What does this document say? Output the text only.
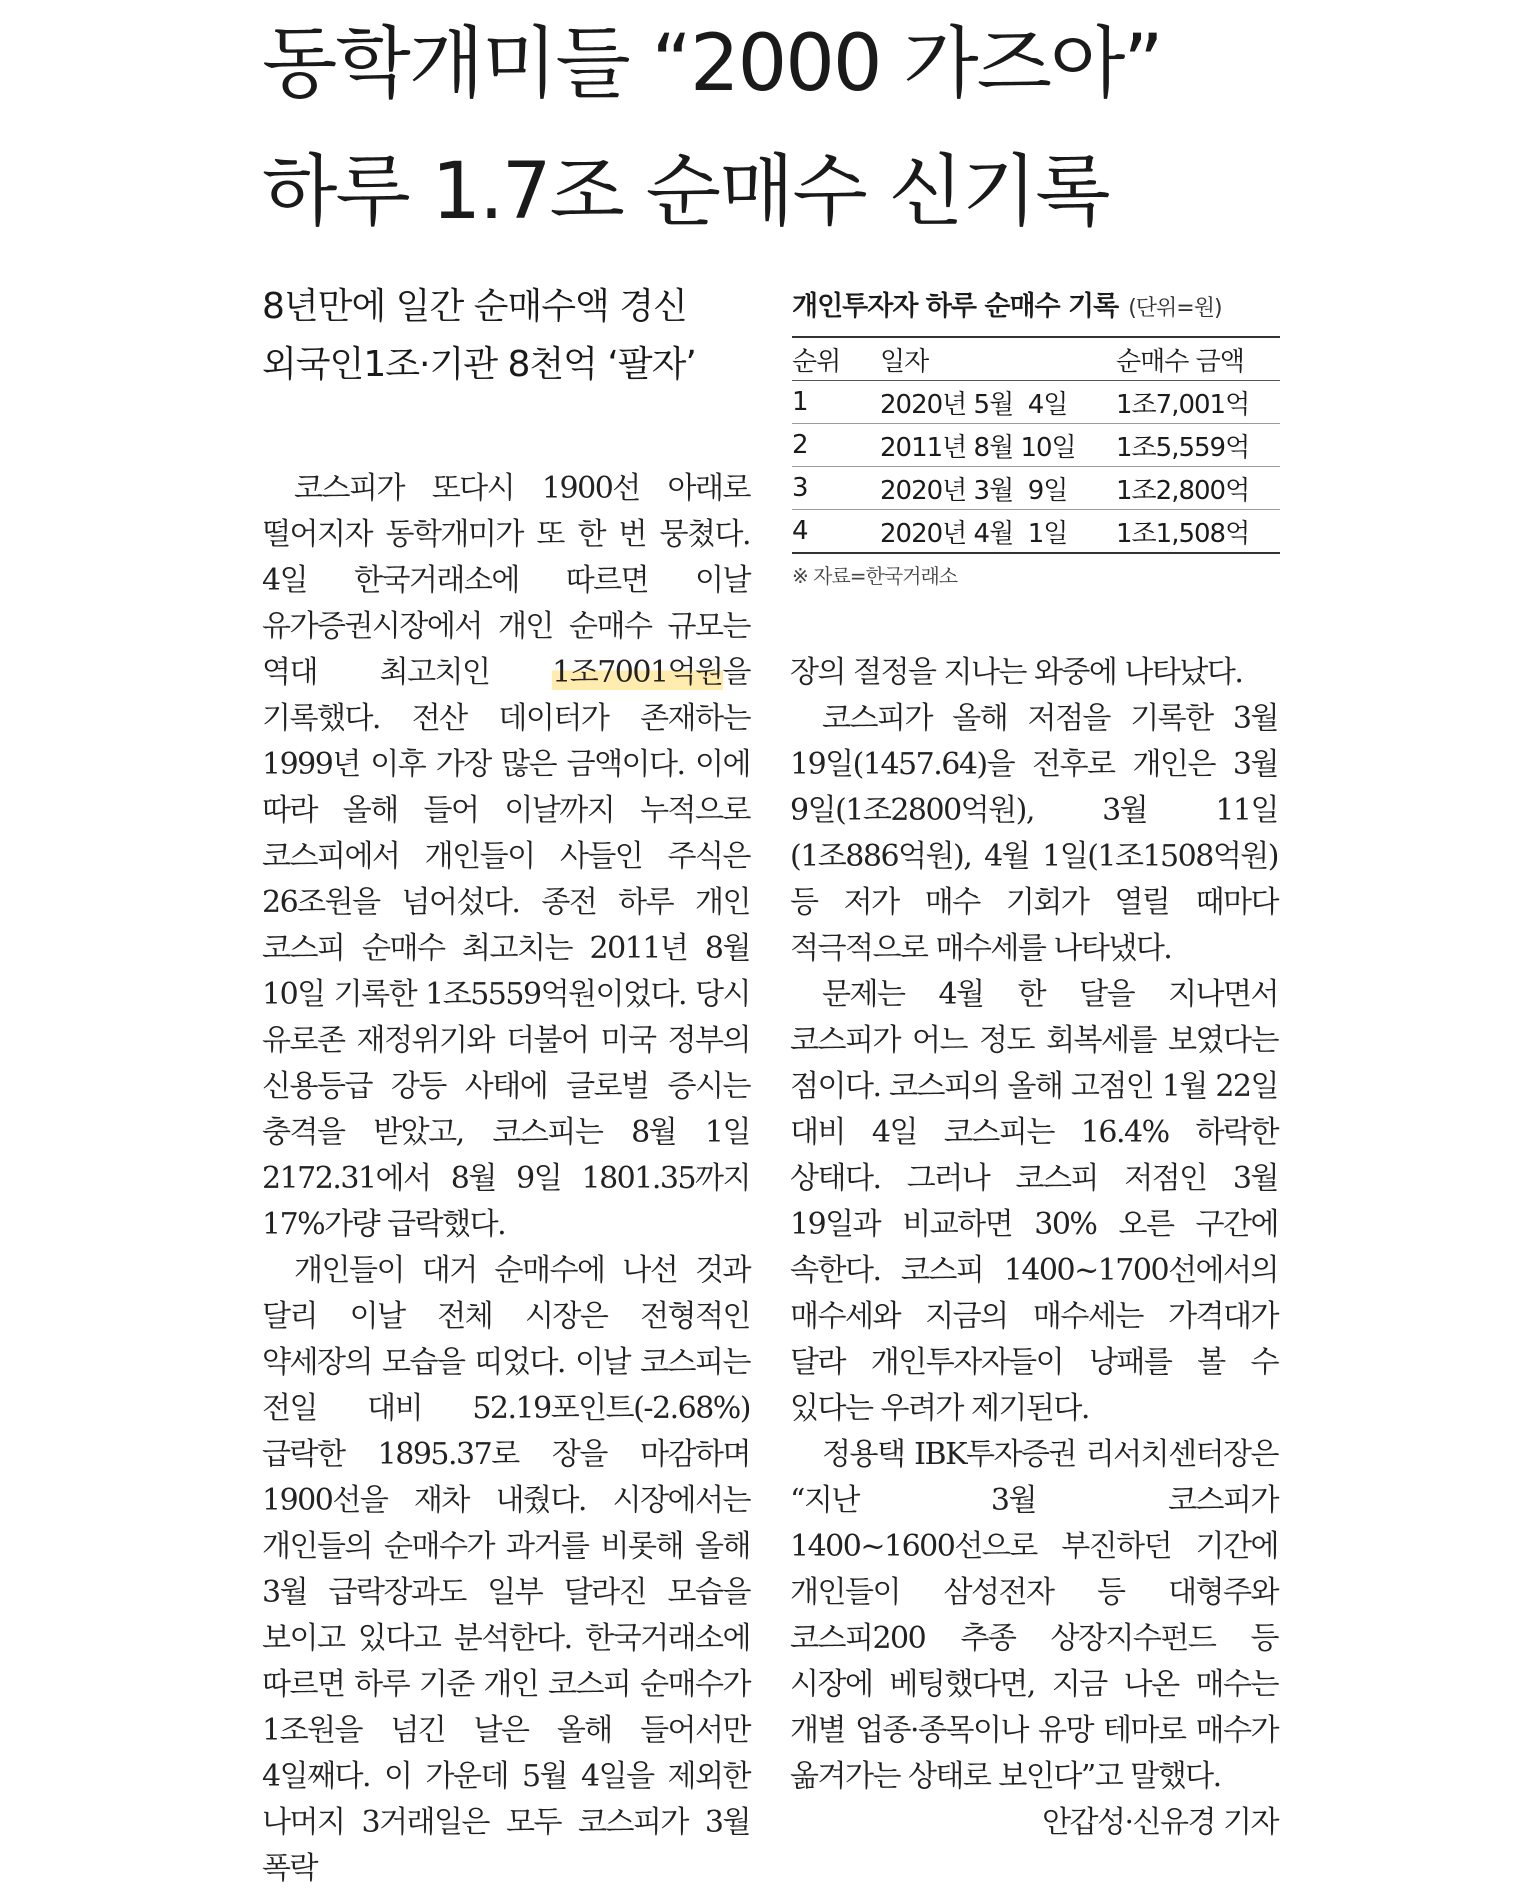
동학개미들 “2000 가즈아”
하루 1.7조 순매수 신기록
8년만에 일간 순매수액 경신
외국인1조·기관 8천억 ‘팔자’
개인투자자 하루 순매수 기록 (단위=원)
순위	일자	순매수 금액
1	2020년 5월  4일	1조7,001억
2	2011년 8월 10일	1조5,559억
3	2020년 3월  9일	1조2,800억
4	2020년 4월  1일	1조1,508억
※ 자료=한국거래소

코스피가 또다시 1900선 아래로 떨어지자 동학개미가 또 한 번 뭉쳤다. 4일 한국거래소에 따르면 이날 유가증권시장에서 개인 순매수 규모는 역대 최고치인 1조7001억원을 기록했다. 전산 데이터가 존재하는 1999년 이후 가장 많은 금액이다. 이에 따라 올해 들어 이날까지 누적으로 코스피에서 개인들이 사들인 주식은 26조원을 넘어섰다. 종전 하루 개인 코스피 순매수 최고치는 2011년 8월 10일 기록한 1조5559억원이었다. 당시 유로존 재정위기와 더불어 미국 정부의 신용등급 강등 사태에 글로벌 증시는 충격을 받았고, 코스피는 8월 1일 2172.31에서 8월 9일 1801.35까지 17%가량 급락했다.

개인들이 대거 순매수에 나선 것과 달리 이날 전체 시장은 전형적인 약세장의 모습을 띠었다. 이날 코스피는 전일 대비 52.19포인트(-2.68%) 급락한 1895.37로 장을 마감하며 1900선을 재차 내줬다. 시장에서는 개인들의 순매수가 과거를 비롯해 올해 3월 급락장과도 일부 달라진 모습을 보이고 있다고 분석한다. 한국거래소에 따르면 하루 기준 개인 코스피 순매수가 1조원을 넘긴 날은 올해 들어서만 4일째다. 이 가운데 5월 4일을 제외한 나머지 3거래일은 모두 코스피가 3월 폭락

장의 절정을 지나는 와중에 나타났다.

코스피가 올해 저점을 기록한 3월 19일(1457.64)을 전후로 개인은 3월 9일(1조2800억원), 3월 11일(1조886억원), 4월 1일(1조1508억원) 등 저가 매수 기회가 열릴 때마다 적극적으로 매수세를 나타냈다.

문제는 4월 한 달을 지나면서 코스피가 어느 정도 회복세를 보였다는 점이다. 코스피의 올해 고점인 1월 22일 대비 4일 코스피는 16.4% 하락한 상태다. 그러나 코스피 저점인 3월 19일과 비교하면 30% 오른 구간에 속한다. 코스피 1400~1700선에서의 매수세와 지금의 매수세는 가격대가 달라 개인투자자들이 낭패를 볼 수 있다는 우려가 제기된다.

정용택 IBK투자증권 리서치센터장은 “지난 3월 코스피가 1400~1600선으로 부진하던 기간에 개인들이 삼성전자 등 대형주와 코스피200 추종 상장지수펀드 등 시장에 베팅했다면, 지금 나온 매수는 개별 업종·종목이나 유망 테마로 매수가 옮겨가는 상태로 보인다”고 말했다.
안갑성·신유경 기자
